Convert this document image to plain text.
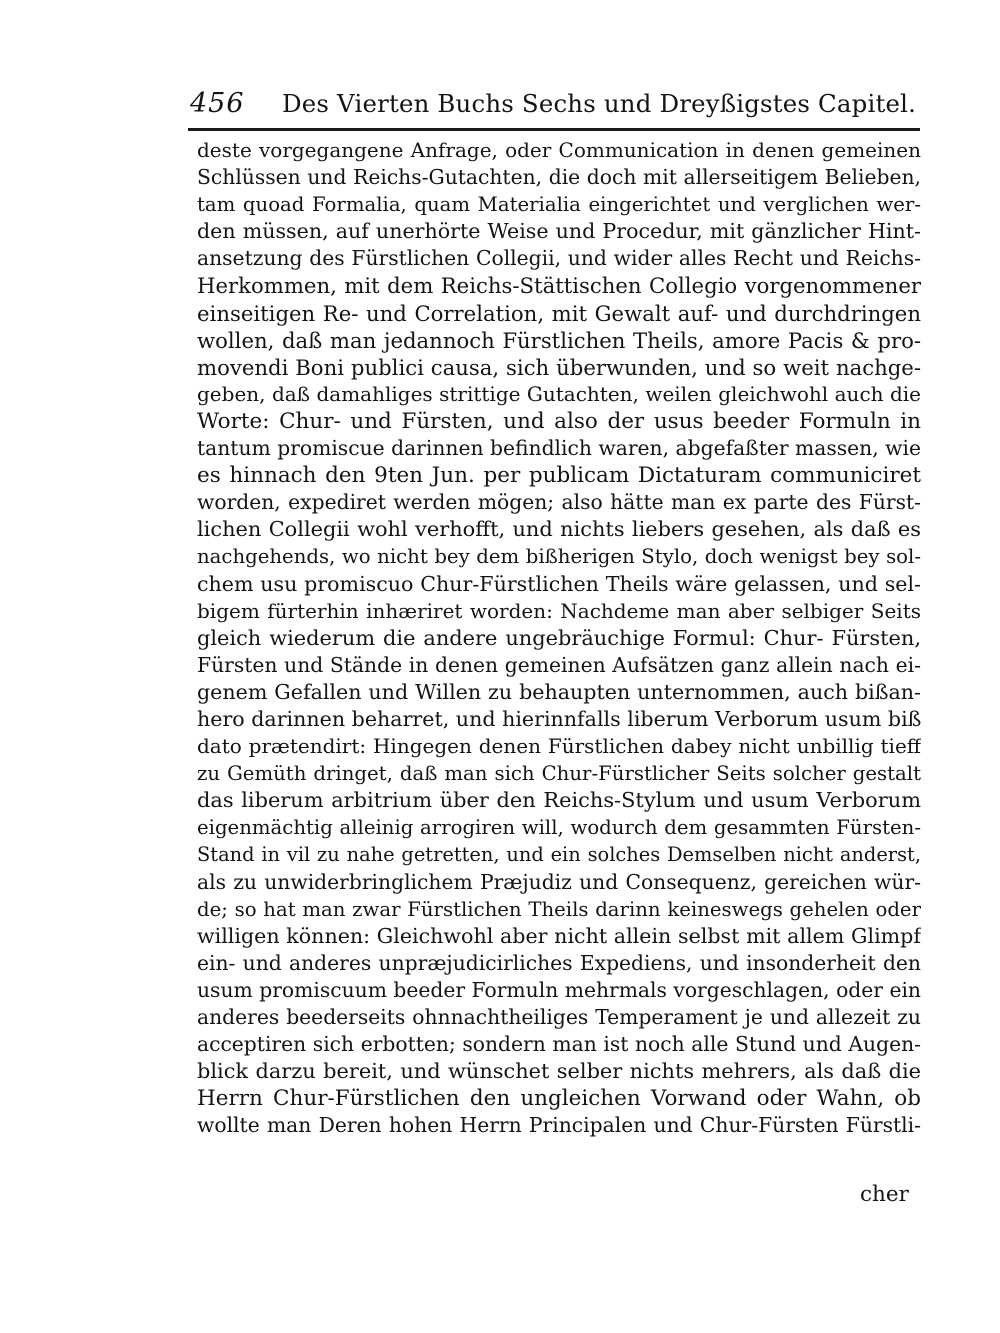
456 Des Vierten Buchs Sechs und Dreyßigstes Capitel.
deste vorgegangene Anfrage, oder Communication in denen gemeinen
Schlüssen und Reichs-Gutachten, die doch mit allerseitigem Belieben,
tam quoad Formalia, quam Materialia eingerichtet und verglichen wer-
den müssen, auf unerhörte Weise und Procedur, mit gänzlicher Hint-
ansetzung des Fürstlichen Collegii, und wider alles Recht und Reichs-
Herkommen, mit dem Reichs-Stättischen Collegio vorgenommener
einseitigen Re- und Correlation, mit Gewalt auf- und durchdringen
wollen, daß man jedannoch Fürstlichen Theils, amore Pacis & pro-
movendi Boni publici causa, sich überwunden, und so weit nachge-
geben, daß damahliges strittige Gutachten, weilen gleichwohl auch die
Worte: Chur- und Fürsten, und also der usus beeder Formuln in
tantum promiscue darinnen befindlich waren, abgefaßter massen, wie
es hinnach den 9ten Jun. per publicam Dictaturam communiciret
worden, expediret werden mögen; also hätte man ex parte des Fürst-
lichen Collegii wohl verhofft, und nichts liebers gesehen, als daß es
nachgehends, wo nicht bey dem bißherigen Stylo, doch wenigst bey sol-
chem usu promiscuo Chur-Fürstlichen Theils wäre gelassen, und sel-
bigem fürterhin inhæriret worden: Nachdeme man aber selbiger Seits
gleich wiederum die andere ungebräuchige Formul: Chur- Fürsten,
Fürsten und Stände in denen gemeinen Aufsätzen ganz allein nach ei-
genem Gefallen und Willen zu behaupten unternommen, auch bißan-
hero darinnen beharret, und hierinnfalls liberum Verborum usum biß
dato prætendirt: Hingegen denen Fürstlichen dabey nicht unbillig tieff
zu Gemüth dringet, daß man sich Chur-Fürstlicher Seits solcher gestalt
das liberum arbitrium über den Reichs-Stylum und usum Verborum
eigenmächtig alleinig arrogiren will, wodurch dem gesammten Fürsten-
Stand in vil zu nahe getretten, und ein solches Demselben nicht anderst,
als zu unwiderbringlichem Præjudiz und Consequenz, gereichen wür-
de; so hat man zwar Fürstlichen Theils darinn keineswegs gehelen oder
willigen können: Gleichwohl aber nicht allein selbst mit allem Glimpf
ein- und anderes unpræjudicirliches Expediens, und insonderheit den
usum promiscuum beeder Formuln mehrmals vorgeschlagen, oder ein
anderes beederseits ohnnachtheiliges Temperament je und allezeit zu
acceptiren sich erbotten; sondern man ist noch alle Stund und Augen-
blick darzu bereit, und wünschet selber nichts mehrers, als daß die
Herrn Chur-Fürstlichen den ungleichen Vorwand oder Wahn, ob
wollte man Deren hohen Herrn Principalen und Chur-Fürsten Fürstli-
cher
